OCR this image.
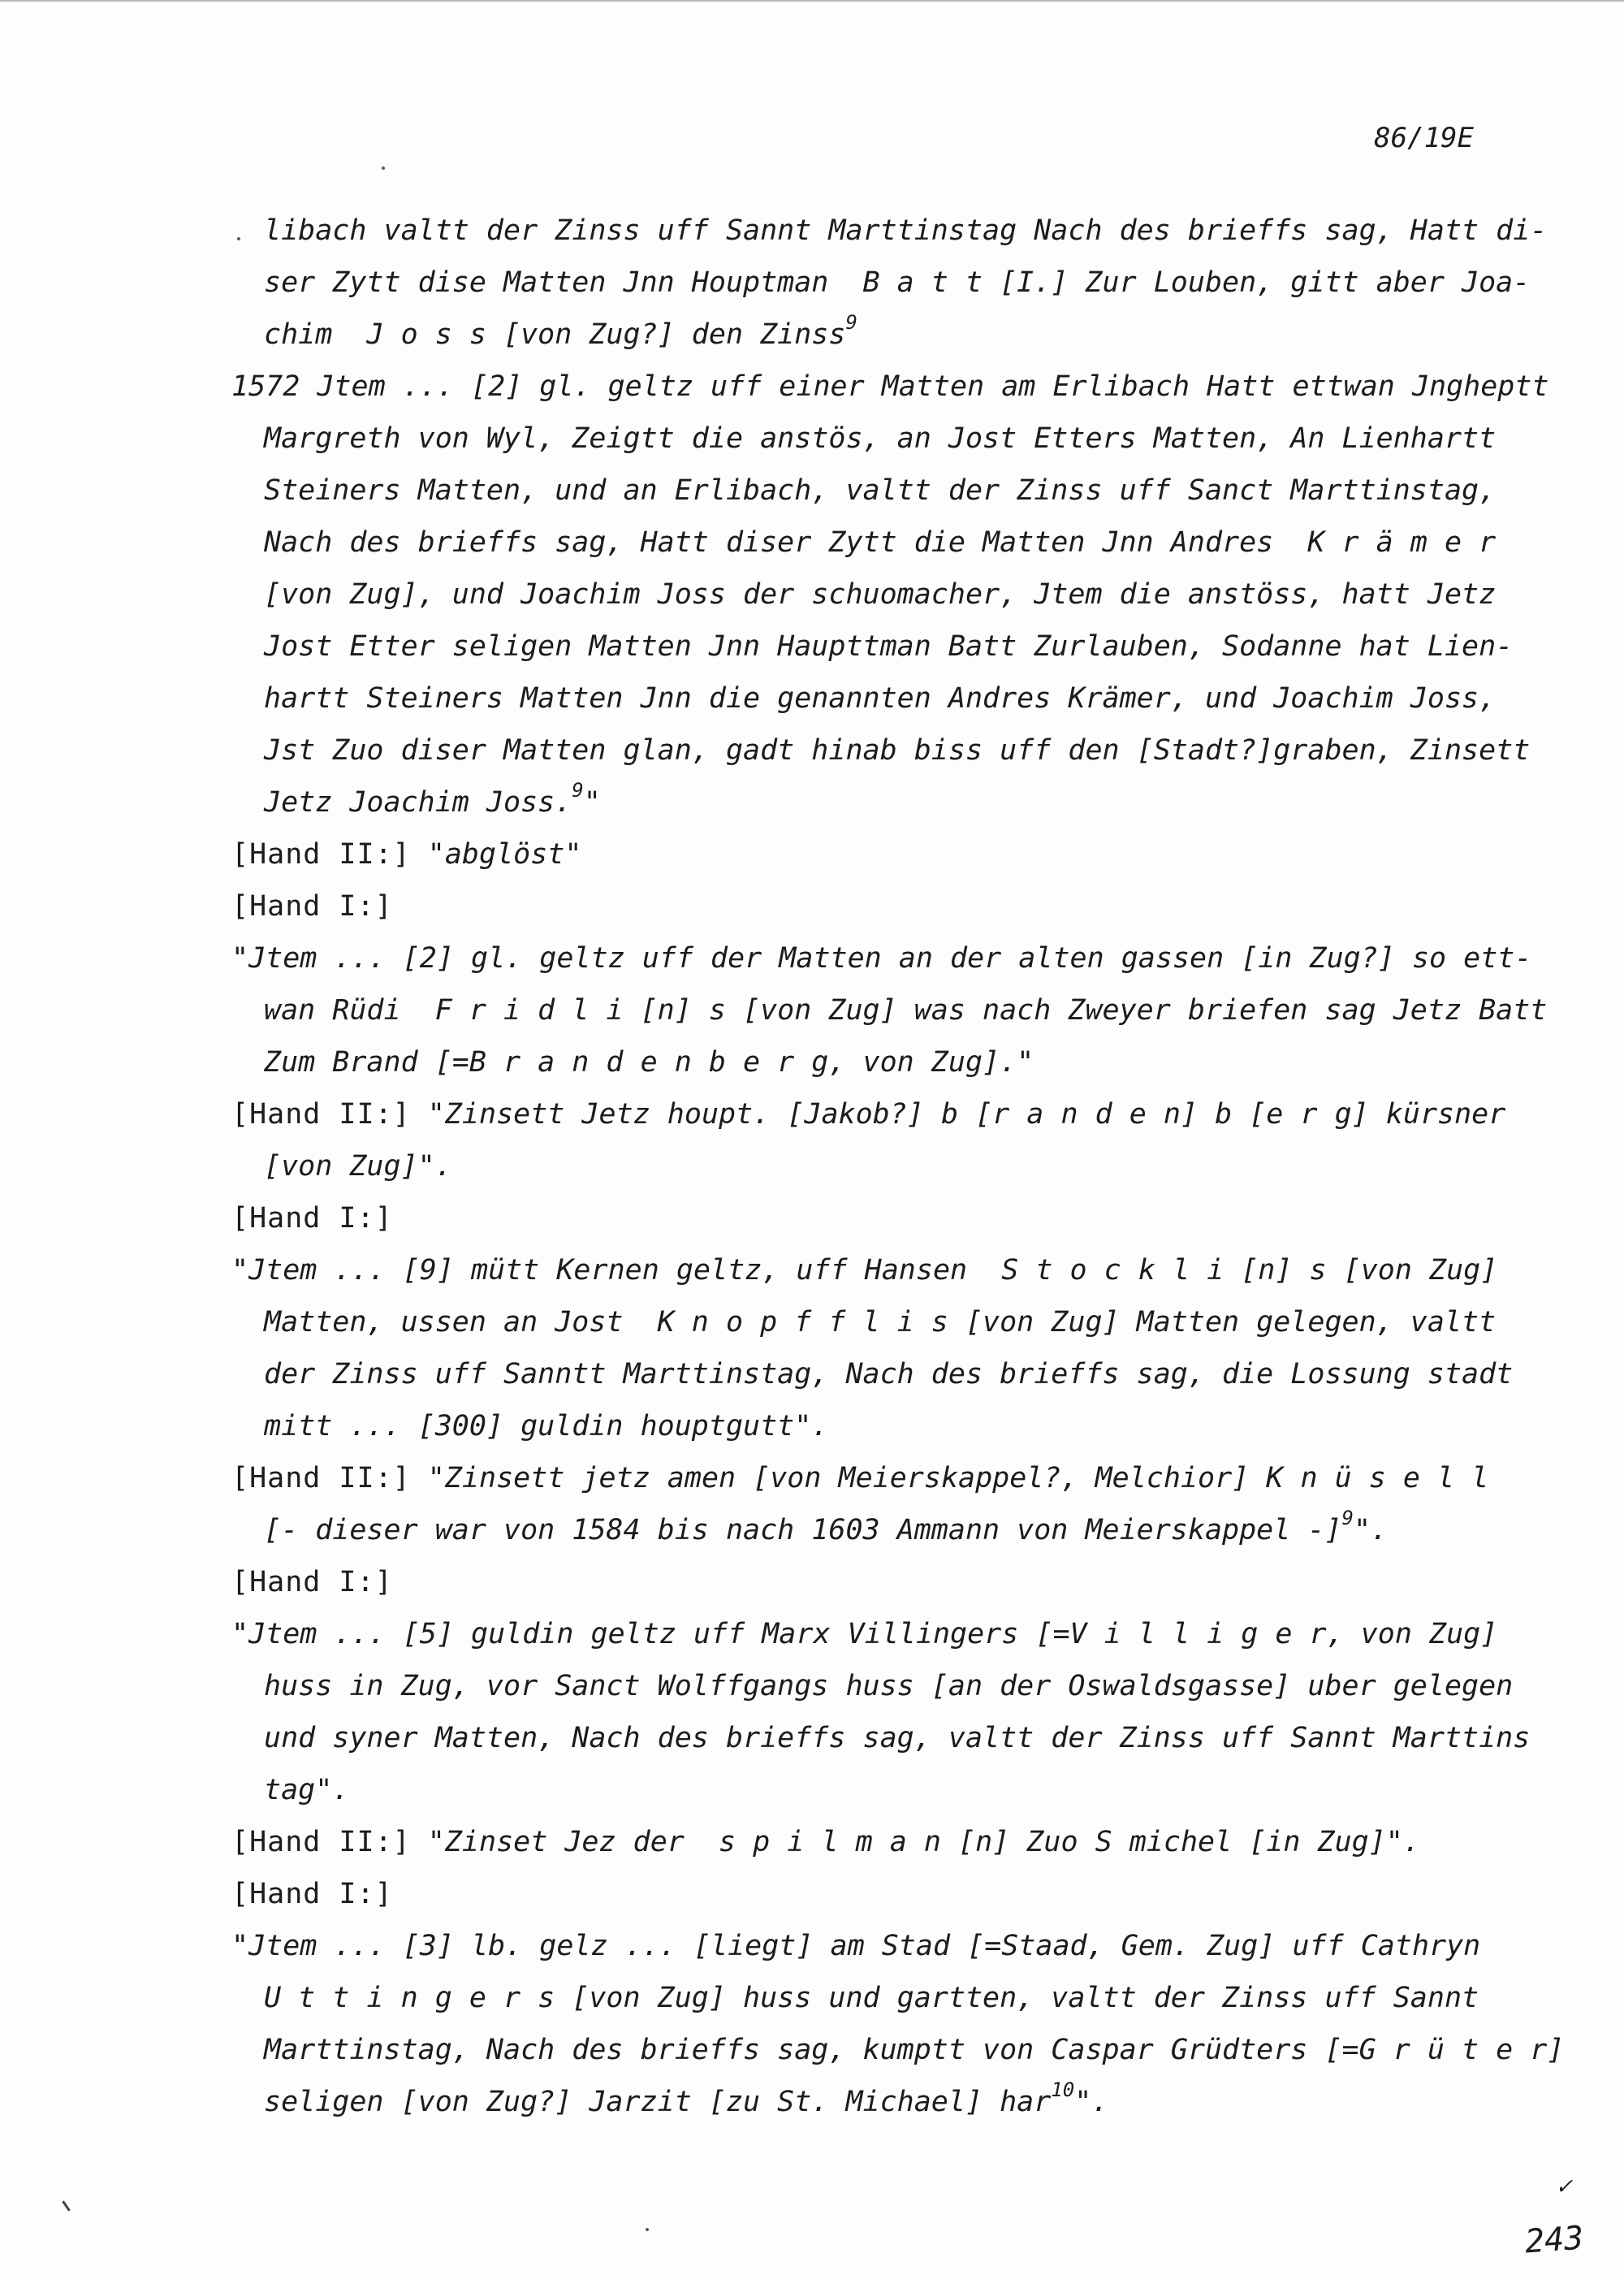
86/19E
libach valtt der Zinss uff Sannt Marttinstag Nach des brieffs sag, Hatt di-
ser Zytt dise Matten Jnn Houptman  B a t t [I.] Zur Louben, gitt aber Joa-
chim  J o s s [von Zug?] den Zinss$^9$
1572 Jtem ... [2] gl. geltz uff einer Matten am Erlibach Hatt ettwan Jngheptt
Margreth von Wyl, Zeigtt die anstös, an Jost Etters Matten, An Lienhartt
Steiners Matten, und an Erlibach, valtt der Zinss uff Sanct Marttinstag,
Nach des brieffs sag, Hatt diser Zytt die Matten Jnn Andres  K r ä m e r
[von Zug], und Joachim Joss der schuomacher, Jtem die anstöss, hatt Jetz
Jost Etter seligen Matten Jnn Haupttman Batt Zurlauben, Sodanne hat Lien-
hartt Steiners Matten Jnn die genannten Andres Krämer, und Joachim Joss,
Jst Zuo diser Matten glan, gadt hinab biss uff den [Stadt?]graben, Zinsett
Jetz Joachim Joss.$^9$"
[Hand II:] "abglöst"
[Hand I:]
"Jtem ... [2] gl. geltz uff der Matten an der alten gassen [in Zug?] so ett-
wan Rüdi  F r i d l i [n] s [von Zug] was nach Zweyer briefen sag Jetz Batt
Zum Brand [=B r a n d e n b e r g, von Zug]."
[Hand II:] "Zinsett Jetz houpt. [Jakob?] b [r a n d e n] b [e r g] kürsner
[von Zug]".
[Hand I:]
"Jtem ... [9] mütt Kernen geltz, uff Hansen  S t o c k l i [n] s [von Zug]
Matten, ussen an Jost  K n o p f f l i s [von Zug] Matten gelegen, valtt
der Zinss uff Sanntt Marttinstag, Nach des brieffs sag, die Lossung stadt
mitt ... [300] guldin houptgutt".
[Hand II:] "Zinsett jetz amen [von Meierskappel?, Melchior] K n ü s e l l
[- dieser war von 1584 bis nach 1603 Ammann von Meierskappel -]$^9$".
[Hand I:]
"Jtem ... [5] guldin geltz uff Marx Villingers [=V i l l i g e r, von Zug]
huss in Zug, vor Sanct Wolffgangs huss [an der Oswaldsgasse] uber gelegen
und syner Matten, Nach des brieffs sag, valtt der Zinss uff Sannt Marttins
tag".
[Hand II:] "Zinset Jez der  s p i l m a n [n] Zuo S michel [in Zug]".
[Hand I:]
"Jtem ... [3] lb. gelz ... [liegt] am Stad [=Staad, Gem. Zug] uff Cathryn
U t t i n g e r s [von Zug] huss und gartten, valtt der Zinss uff Sannt
Marttinstag, Nach des brieffs sag, kumptt von Caspar Grüdters [=G r ü t e r]
seligen [von Zug?] Jarzit [zu St. Michael] har$^{10}$".
✓
243
